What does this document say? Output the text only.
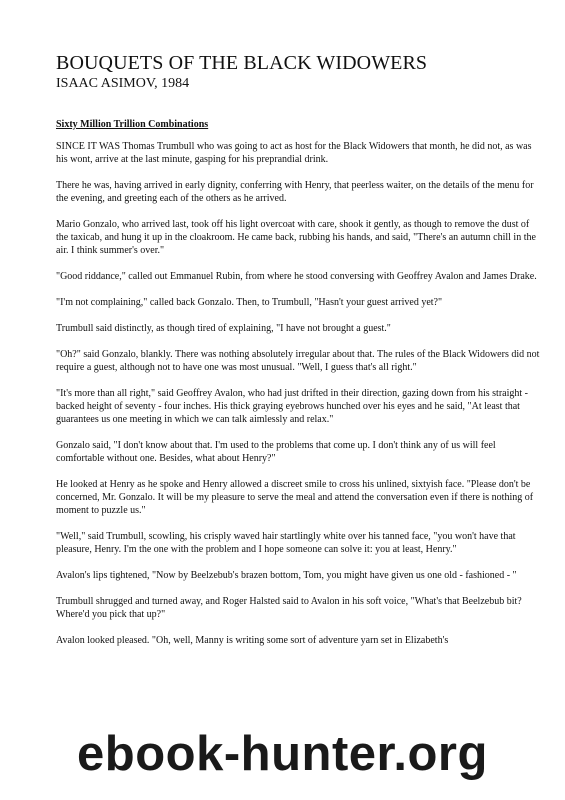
BOUQUETS OF THE BLACK WIDOWERS
ISAAC ASIMOV, 1984
Sixty Million Trillion Combinations

SINCE IT WAS Thomas Trumbull who was going to act as host for the Black Widowers that month, he did not, as was his wont, arrive at the last minute, gasping for his preprandial drink.

There he was, having arrived in early dignity, conferring with Henry, that peerless waiter, on the details of the menu for the evening, and greeting each of the others as he arrived.

Mario Gonzalo, who arrived last, took off his light overcoat with care, shook it gently, as though to remove the dust of the taxicab, and hung it up in the cloakroom. He came back, rubbing his hands, and said, "There's an autumn chill in the air. I think summer's over."

"Good riddance," called out Emmanuel Rubin, from where he stood conversing with Geoffrey Avalon and James Drake.

"I'm not complaining," called back Gonzalo. Then, to Trumbull, "Hasn't your guest arrived yet?"

Trumbull said distinctly, as though tired of explaining, "I have not brought a guest."

"Oh?" said Gonzalo, blankly. There was nothing absolutely irregular about that. The rules of the Black Widowers did not require a guest, although not to have one was most unusual. "Well, I guess that's all right."

"It's more than all right," said Geoffrey Avalon, who had just drifted in their direction, gazing down from his straight - backed height of seventy - four inches. His thick graying eyebrows hunched over his eyes and he said, "At least that guarantees us one meeting in which we can talk aimlessly and relax."

Gonzalo said, "I don't know about that. I'm used to the problems that come up. I don't think any of us will feel comfortable without one. Besides, what about Henry?"

He looked at Henry as he spoke and Henry allowed a discreet smile to cross his unlined, sixtyish face. "Please don't be concerned, Mr. Gonzalo. It will be my pleasure to serve the meal and attend the conversation even if there is nothing of moment to puzzle us."

"Well," said Trumbull, scowling, his crisply waved hair startlingly white over his tanned face, "you won't have that pleasure, Henry. I'm the one with the problem and I hope someone can solve it: you at least, Henry."

Avalon's lips tightened, "Now by Beelzebub's brazen bottom, Tom, you might have given us one old - fashioned - "

Trumbull shrugged and turned away, and Roger Halsted said to Avalon in his soft voice, "What's that Beelzebub bit? Where'd you pick that up?"

Avalon looked pleased. "Oh, well, Manny is writing some sort of adventure yarn set in Elizabeth's

ebook-hunter.org
